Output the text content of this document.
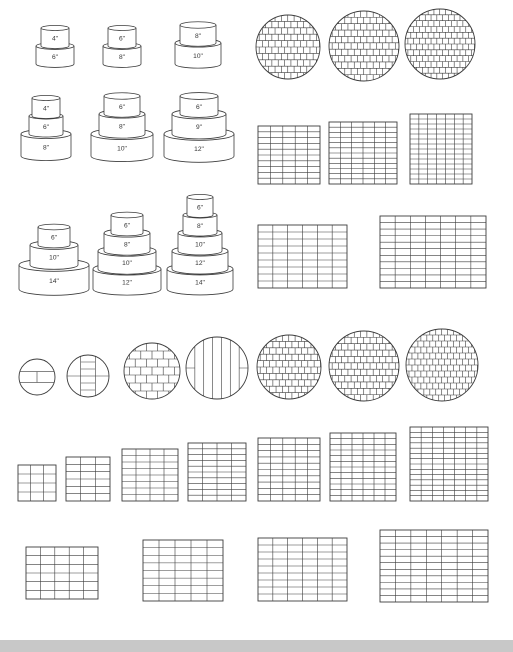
6"
4"
8"
6"
10"
8"
8"
6"
4"
10"
8"
6"
12"
9"
6"
14"
10"
6"
12"
10"
8"
6"
14"
12"
10"
8"
6"
